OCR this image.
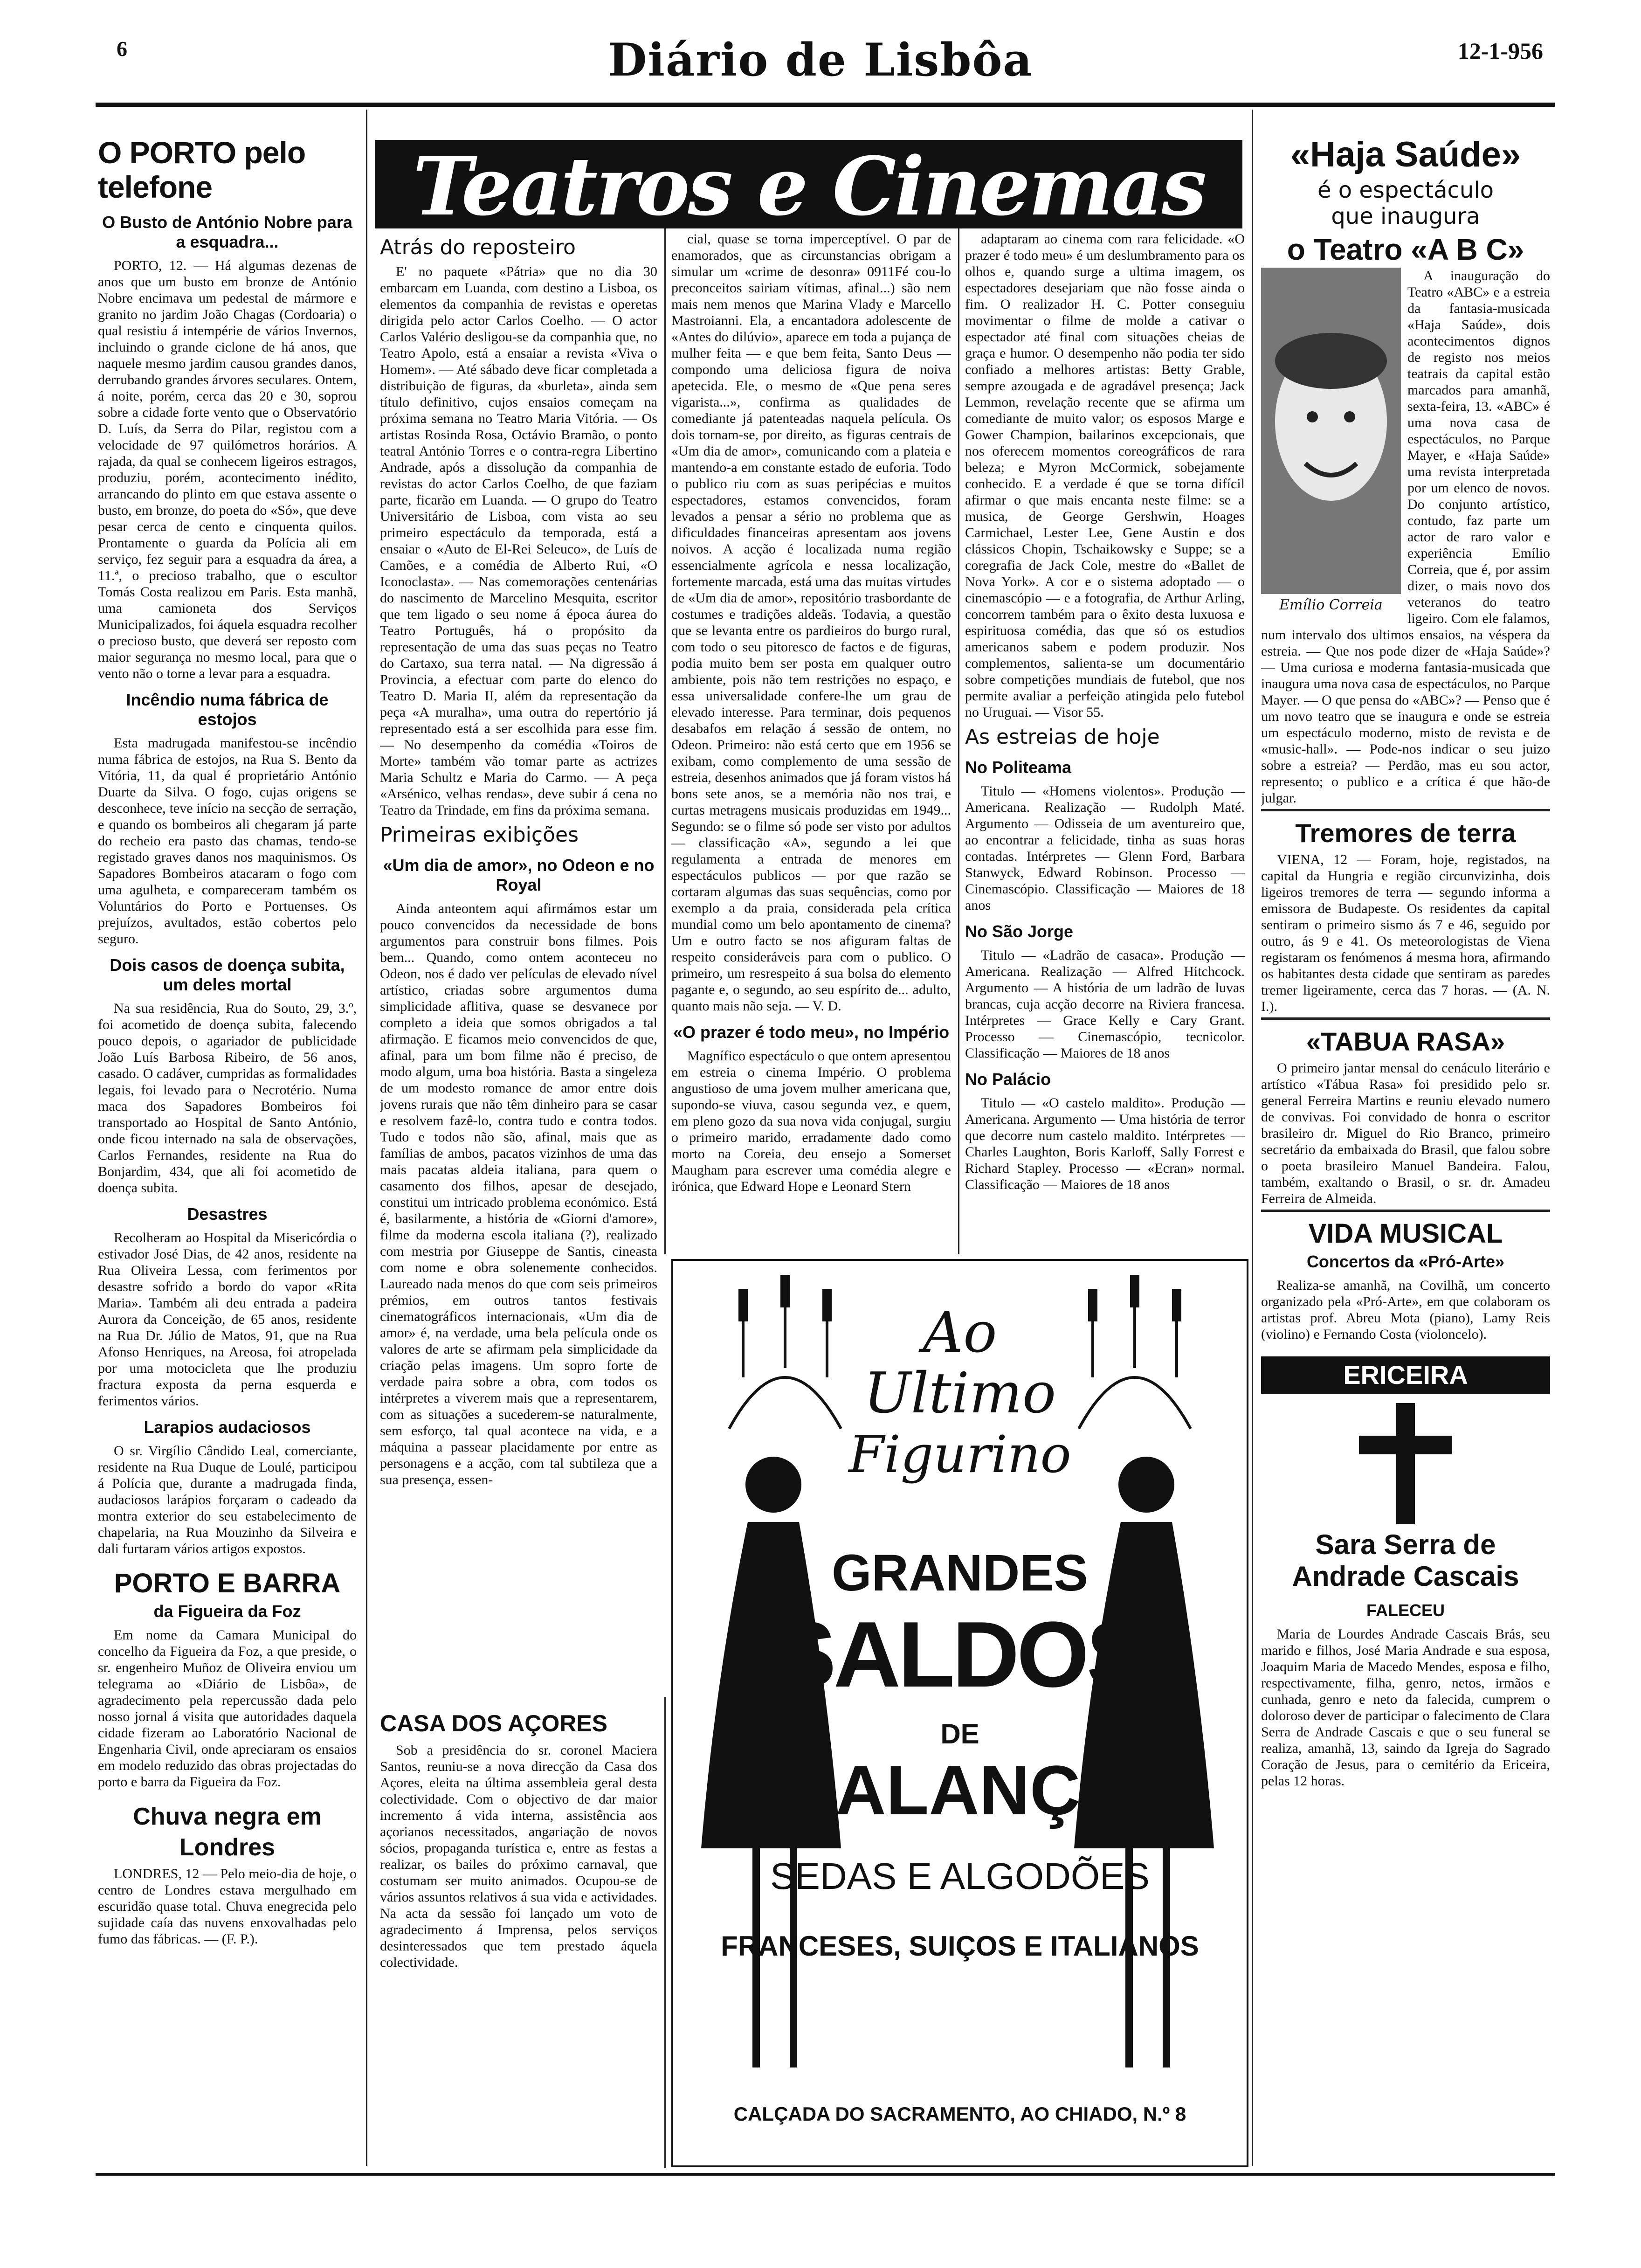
6	Diário de Lisbôa	12-1-956
O PORTO pelo telefone
O Busto de António Nobre para a esquadra...

PORTO, 12. — Há algumas dezenas de anos que um busto em bronze de António Nobre encimava um pedestal de mármore e granito no jardim João Chagas (Cordoaria) o qual resistiu á intempérie de vários Invernos, incluindo o grande ciclone de há anos, que naquele mesmo jardim causou grandes danos, derrubando grandes árvores seculares. Ontem, á noite, porém, cerca das 20 e 30, soprou sobre a cidade forte vento que o Observatório D. Luís, da Serra do Pilar, registou com a velocidade de 97 quilómetros horários. A rajada, da qual se conhecem ligeiros estragos, produziu, porém, acontecimento inédito, arrancando do plinto em que estava assente o busto, em bronze, do poeta do «Só», que deve pesar cerca de cento e cinquenta quilos. Prontamente o guarda da Polícia ali em serviço, fez seguir para a esquadra da área, a 11.ª, o precioso trabalho, que o escultor Tomás Costa realizou em Paris. Esta manhã, uma camioneta dos Serviços Municipalizados, foi áquela esquadra recolher o precioso busto, que deverá ser reposto com maior segurança no mesmo local, para que o vento não o torne a levar para a esquadra.

Incêndio numa fábrica de estojos

Esta madrugada manifestou-se incêndio numa fábrica de estojos, na Rua S. Bento da Vitória, 11, da qual é proprietário António Duarte da Silva. O fogo, cujas origens se desconhece, teve início na secção de serração, e quando os bombeiros ali chegaram já parte do recheio era pasto das chamas, tendo-se registado graves danos nos maquinismos. Os Sapadores Bombeiros atacaram o fogo com uma agulheta, e compareceram também os Voluntários do Porto e Portuenses. Os prejuízos, avultados, estão cobertos pelo seguro.

Dois casos de doença subita, um deles mortal

Na sua residência, Rua do Souto, 29, 3.º, foi acometido de doença subita, falecendo pouco depois, o agariador de publicidade João Luís Barbosa Ribeiro, de 56 anos, casado. O cadáver, cumpridas as formalidades legais, foi levado para o Necrotério. Numa maca dos Sapadores Bombeiros foi transportado ao Hospital de Santo António, onde ficou internado na sala de observações, Carlos Fernandes, residente na Rua do Bonjardim, 434, que ali foi acometido de doença subita.

Desastres

Recolheram ao Hospital da Misericórdia o estivador José Dias, de 42 anos, residente na Rua Oliveira Lessa, com ferimentos por desastre sofrido a bordo do vapor «Rita Maria». Também ali deu entrada a padeira Aurora da Conceição, de 65 anos, residente na Rua Dr. Júlio de Matos, 91, que na Rua Afonso Henriques, na Areosa, foi atropelada por uma motocicleta que lhe produziu fractura exposta da perna esquerda e ferimentos vários.

Larapios audaciosos

O sr. Virgílio Cândido Leal, comerciante, residente na Rua Duque de Loulé, participou á Polícia que, durante a madrugada finda, audaciosos larápios forçaram o cadeado da montra exterior do seu estabelecimento de chapelaria, na Rua Mouzinho da Silveira e dali furtaram vários artigos expostos.

PORTO E BARRA
da Figueira da Foz

Em nome da Camara Municipal do concelho da Figueira da Foz, a que preside, o sr. engenheiro Muñoz de Oliveira enviou um telegrama ao «Diário de Lisbôa», de agradecimento pela repercussão dada pelo nosso jornal á visita que autoridades daquela cidade fizeram ao Laboratório Nacional de Engenharia Civil, onde apreciaram os ensaios em modelo reduzido das obras projectadas do porto e barra da Figueira da Foz.

Chuva negra em Londres

LONDRES, 12 — Pelo meio-dia de hoje, o centro de Londres estava mergulhado em escuridão quase total. Chuva enegrecida pelo sujidade caía das nuvens enxovalhadas pelo fumo das fábricas. — (F. P.).

Teatros e Cinemas
Atrás do reposteiro

E' no paquete «Pátria» que no dia 30 embarcam em Luanda, com destino a Lisboa, os elementos da companhia de revistas e operetas dirigida pelo actor Carlos Coelho. — O actor Carlos Valério desligou-se da companhia que, no Teatro Apolo, está a ensaiar a revista «Viva o Homem». — Até sábado deve ficar completada a distribuição de figuras, da «burleta», ainda sem título definitivo, cujos ensaios começam na próxima semana no Teatro Maria Vitória. — Os artistas Rosinda Rosa, Octávio Bramão, o ponto teatral António Torres e o contra-regra Libertino Andrade, após a dissolução da companhia de revistas do actor Carlos Coelho, de que faziam parte, ficarão em Luanda. — O grupo do Teatro Universitário de Lisboa, com vista ao seu primeiro espectáculo da temporada, está a ensaiar o «Auto de El-Rei Seleuco», de Luís de Camões, e a comédia de Alberto Rui, «O Iconoclasta». — Nas comemorações centenárias do nascimento de Marcelino Mesquita, escritor que tem ligado o seu nome á época áurea do Teatro Português, há o propósito da representação de uma das suas peças no Teatro do Cartaxo, sua terra natal. — Na digressão á Provincia, a efectuar com parte do elenco do Teatro D. Maria II, além da representação da peça «A muralha», uma outra do repertório já representado está a ser escolhida para esse fim. — No desempenho da comédia «Toiros de Morte» também vão tomar parte as actrizes Maria Schultz e Maria do Carmo. — A peça «Arsénico, velhas rendas», deve subir á cena no Teatro da Trindade, em fins da próxima semana.

Primeiras exibições
«Um dia de amor», no Odeon e no Royal

Ainda anteontem aqui afirmámos estar um pouco convencidos da necessidade de bons argumentos para construir bons filmes. Pois bem... Quando, como ontem aconteceu no Odeon, nos é dado ver películas de elevado nível artístico, criadas sobre argumentos duma simplicidade aflitiva, quase se desvanece por completo a ideia que somos obrigados a tal afirmação. E ficamos meio convencidos de que, afinal, para um bom filme não é preciso, de modo algum, uma boa história. Basta a singeleza de um modesto romance de amor entre dois jovens rurais que não têm dinheiro para se casar e resolvem fazê-lo, contra tudo e contra todos. Tudo e todos não são, afinal, mais que as famílias de ambos, pacatos vizinhos de uma das mais pacatas aldeia italiana, para quem o casamento dos filhos, apesar de desejado, constitui um intricado problema económico. Está é, basilarmente, a história de «Giorni d'amore», filme da moderna escola italiana (?), realizado com mestria por Giuseppe de Santis, cineasta com nome e obra solenemente conhecidos. Laureado nada menos do que com seis primeiros prémios, em outros tantos festivais cinematográficos internacionais, «Um dia de amor» é, na verdade, uma bela película onde os valores de arte se afirmam pela simplicidade da criação pelas imagens. Um sopro forte de verdade paira sobre a obra, com todos os intérpretes a viverem mais que a representarem, com as situações a sucederem-se naturalmente, sem esforço, tal qual acontece na vida, e a máquina a passear placidamente por entre as personagens e a acção, com tal subtileza que a sua presença, essen-

CASA DOS AÇORES

Sob a presidência do sr. coronel Maciera Santos, reuniu-se a nova direcção da Casa dos Açores, eleita na última assembleia geral desta colectividade. Com o objectivo de dar maior incremento á vida interna, assistência aos açorianos necessitados, angariação de novos sócios, propaganda turística e, entre as festas a realizar, os bailes do próximo carnaval, que costumam ser muito animados. Ocupou-se de vários assuntos relativos á sua vida e actividades. Na acta da sessão foi lançado um voto de agradecimento á Imprensa, pelos serviços desinteressados que tem prestado áquela colectividade.

cial, quase se torna imperceptível. O par de enamorados, que as circunstancias obrigam a simular um «crime de desonra» 0911Fé cou-lo preconceitos sairiam vítimas, afinal...) são nem mais nem menos que Marina Vlady e Marcello Mastroianni. Ela, a encantadora adolescente de «Antes do dilúvio», aparece em toda a pujança de mulher feita — e que bem feita, Santo Deus — compondo uma deliciosa figura de noiva apetecida. Ele, o mesmo de «Que pena seres vigarista...», confirma as qualidades de comediante já patenteadas naquela película. Os dois tornam-se, por direito, as figuras centrais de «Um dia de amor», comunicando com a plateia e mantendo-a em constante estado de euforia. Todo o publico riu com as suas peripécias e muitos espectadores, estamos convencidos, foram levados a pensar a sério no problema que as dificuldades financeiras apresentam aos jovens noivos. A acção é localizada numa região essencialmente agrícola e nessa localização, fortemente marcada, está uma das muitas virtudes de «Um dia de amor», repositório trasbordante de costumes e tradições aldeãs. Todavia, a questão que se levanta entre os pardieiros do burgo rural, com todo o seu pitoresco de factos e de figuras, podia muito bem ser posta em qualquer outro ambiente, pois não tem restrições no espaço, e essa universalidade confere-lhe um grau de elevado interesse. Para terminar, dois pequenos desabafos em relação á sessão de ontem, no Odeon. Primeiro: não está certo que em 1956 se exibam, como complemento de uma sessão de estreia, desenhos animados que já foram vistos há bons sete anos, se a memória não nos trai, e curtas metragens musicais produzidas em 1949... Segundo: se o filme só pode ser visto por adultos — classificação «A», segundo a lei que regulamenta a entrada de menores em espectáculos publicos — por que razão se cortaram algumas das suas sequências, como por exemplo a da praia, considerada pela crítica mundial como um belo apontamento de cinema? Um e outro facto se nos afiguram faltas de respeito consideráveis para com o publico. O primeiro, um resrespeito á sua bolsa do elemento pagante e, o segundo, ao seu espírito de... adulto, quanto mais não seja. — V. D.

«O prazer é todo meu», no Império

Magnífico espectáculo o que ontem apresentou em estreia o cinema Império. O problema angustioso de uma jovem mulher americana que, supondo-se viuva, casou segunda vez, e quem, em pleno gozo da sua nova vida conjugal, surgiu o primeiro marido, erradamente dado como morto na Coreia, deu ensejo a Somerset Maugham para escrever uma comédia alegre e irónica, que Edward Hope e Leonard Stern

adaptaram ao cinema com rara felicidade. «O prazer é todo meu» é um deslumbramento para os olhos e, quando surge a ultima imagem, os espectadores desejariam que não fosse ainda o fim. O realizador H. C. Potter conseguiu movimentar o filme de molde a cativar o espectador até final com situações cheias de graça e humor. O desempenho não podia ter sido confiado a melhores artistas: Betty Grable, sempre azougada e de agradável presença; Jack Lemmon, revelação recente que se afirma um comediante de muito valor; os esposos Marge e Gower Champion, bailarinos excepcionais, que nos oferecem momentos coreográficos de rara beleza; e Myron McCormick, sobejamente conhecido. E a verdade é que se torna difícil afirmar o que mais encanta neste filme: se a musica, de George Gershwin, Hoages Carmichael, Lester Lee, Gene Austin e dos clássicos Chopin, Tschaikowsky e Suppe; se a coregrafia de Jack Cole, mestre do «Ballet de Nova York». A cor e o sistema adoptado — o cinemascópio — e a fotografia, de Arthur Arling, concorrem também para o êxito desta luxuosa e espirituosa comédia, das que só os estudios americanos sabem e podem produzir. Nos complementos, salienta-se um documentário sobre competições mundiais de futebol, que nos permite avaliar a perfeição atingida pelo futebol no Uruguai. — Visor 55.

As estreias de hoje
No Politeama

Titulo — «Homens violentos». Produção — Americana. Realização — Rudolph Maté. Argumento — Odisseia de um aventureiro que, ao encontrar a felicidade, tinha as suas horas contadas. Intérpretes — Glenn Ford, Barbara Stanwyck, Edward Robinson. Processo — Cinemascópio. Classificação — Maiores de 18 anos

No São Jorge

Titulo — «Ladrão de casaca». Produção — Americana. Realização — Alfred Hitchcock. Argumento — A história de um ladrão de luvas brancas, cuja acção decorre na Riviera francesa. Intérpretes — Grace Kelly e Cary Grant. Processo — Cinemascópio, tecnicolor. Classificação — Maiores de 18 anos

No Palácio

Titulo — «O castelo maldito». Produção — Americana. Argumento — Uma história de terror que decorre num castelo maldito. Intérpretes — Charles Laughton, Boris Karloff, Sally Forrest e Richard Stapley. Processo — «Ecran» normal. Classificação — Maiores de 18 anos

Ao
Ultimo
Figurino
GRANDES
SALDOS
DE
BALANÇO
SEDAS E ALGODÕES
FRANCESES, SUIÇOS E ITALIANOS
CALÇADA DO SACRAMENTO, AO CHIADO, N.º 8
«Haja Saúde»
é o espectáculo
que inaugura
o Teatro «A B C»
Emílio Correia

A inauguração do Teatro «ABC» e a estreia da fantasia-musicada «Haja Saúde», dois acontecimentos dignos de registo nos meios teatrais da capital estão marcados para amanhã, sexta-feira, 13. «ABC» é uma nova casa de espectáculos, no Parque Mayer, e «Haja Saúde» uma revista interpretada por um elenco de novos. Do conjunto artístico, contudo, faz parte um actor de raro valor e experiência Emílio Correia, que é, por assim dizer, o mais novo dos veteranos do teatro ligeiro. Com ele falamos, num intervalo dos ultimos ensaios, na véspera da estreia. — Que nos pode dizer de «Haja Saúde»? — Uma curiosa e moderna fantasia-musicada que inaugura uma nova casa de espectáculos, no Parque Mayer. — O que pensa do «ABC»? — Penso que é um novo teatro que se inaugura e onde se estreia um espectáculo moderno, misto de revista e de «music-hall». — Pode-nos indicar o seu juizo sobre a estreia? — Perdão, mas eu sou actor, represento; o publico e a crítica é que hão-de julgar.

Tremores de terra

VIENA, 12 — Foram, hoje, registados, na capital da Hungria e região circunvizinha, dois ligeiros tremores de terra — segundo informa a emissora de Budapeste. Os residentes da capital sentiram o primeiro sismo ás 7 e 46, seguido por outro, ás 9 e 41. Os meteorologistas de Viena registaram os fenómenos á mesma hora, afirmando os habitantes desta cidade que sentiram as paredes tremer ligeiramente, cerca das 7 horas. — (A. N. I.).

«TABUA RASA»

O primeiro jantar mensal do cenáculo literário e artístico «Tábua Rasa» foi presidido pelo sr. general Ferreira Martins e reuniu elevado numero de convivas. Foi convidado de honra o escritor brasileiro dr. Miguel do Rio Branco, primeiro secretário da embaixada do Brasil, que falou sobre o poeta brasileiro Manuel Bandeira. Falou, também, exaltando o Brasil, o sr. dr. Amadeu Ferreira de Almeida.

VIDA MUSICAL
Concertos da «Pró-Arte»

Realiza-se amanhã, na Covilhã, um concerto organizado pela «Pró-Arte», em que colaboram os artistas prof. Abreu Mota (piano), Lamy Reis (violino) e Fernando Costa (violoncelo).

ERICEIRA
Sara Serra de Andrade Cascais
FALECEU

Maria de Lourdes Andrade Cascais Brás, seu marido e filhos, José Maria Andrade e sua esposa, Joaquim Maria de Macedo Mendes, esposa e filho, respectivamente, filha, genro, netos, irmãos e cunhada, genro e neto da falecida, cumprem o doloroso dever de participar o falecimento de Clara Serra de Andrade Cascais e que o seu funeral se realiza, amanhã, 13, saindo da Igreja do Sagrado Coração de Jesus, para o cemitério da Ericeira, pelas 12 horas.
